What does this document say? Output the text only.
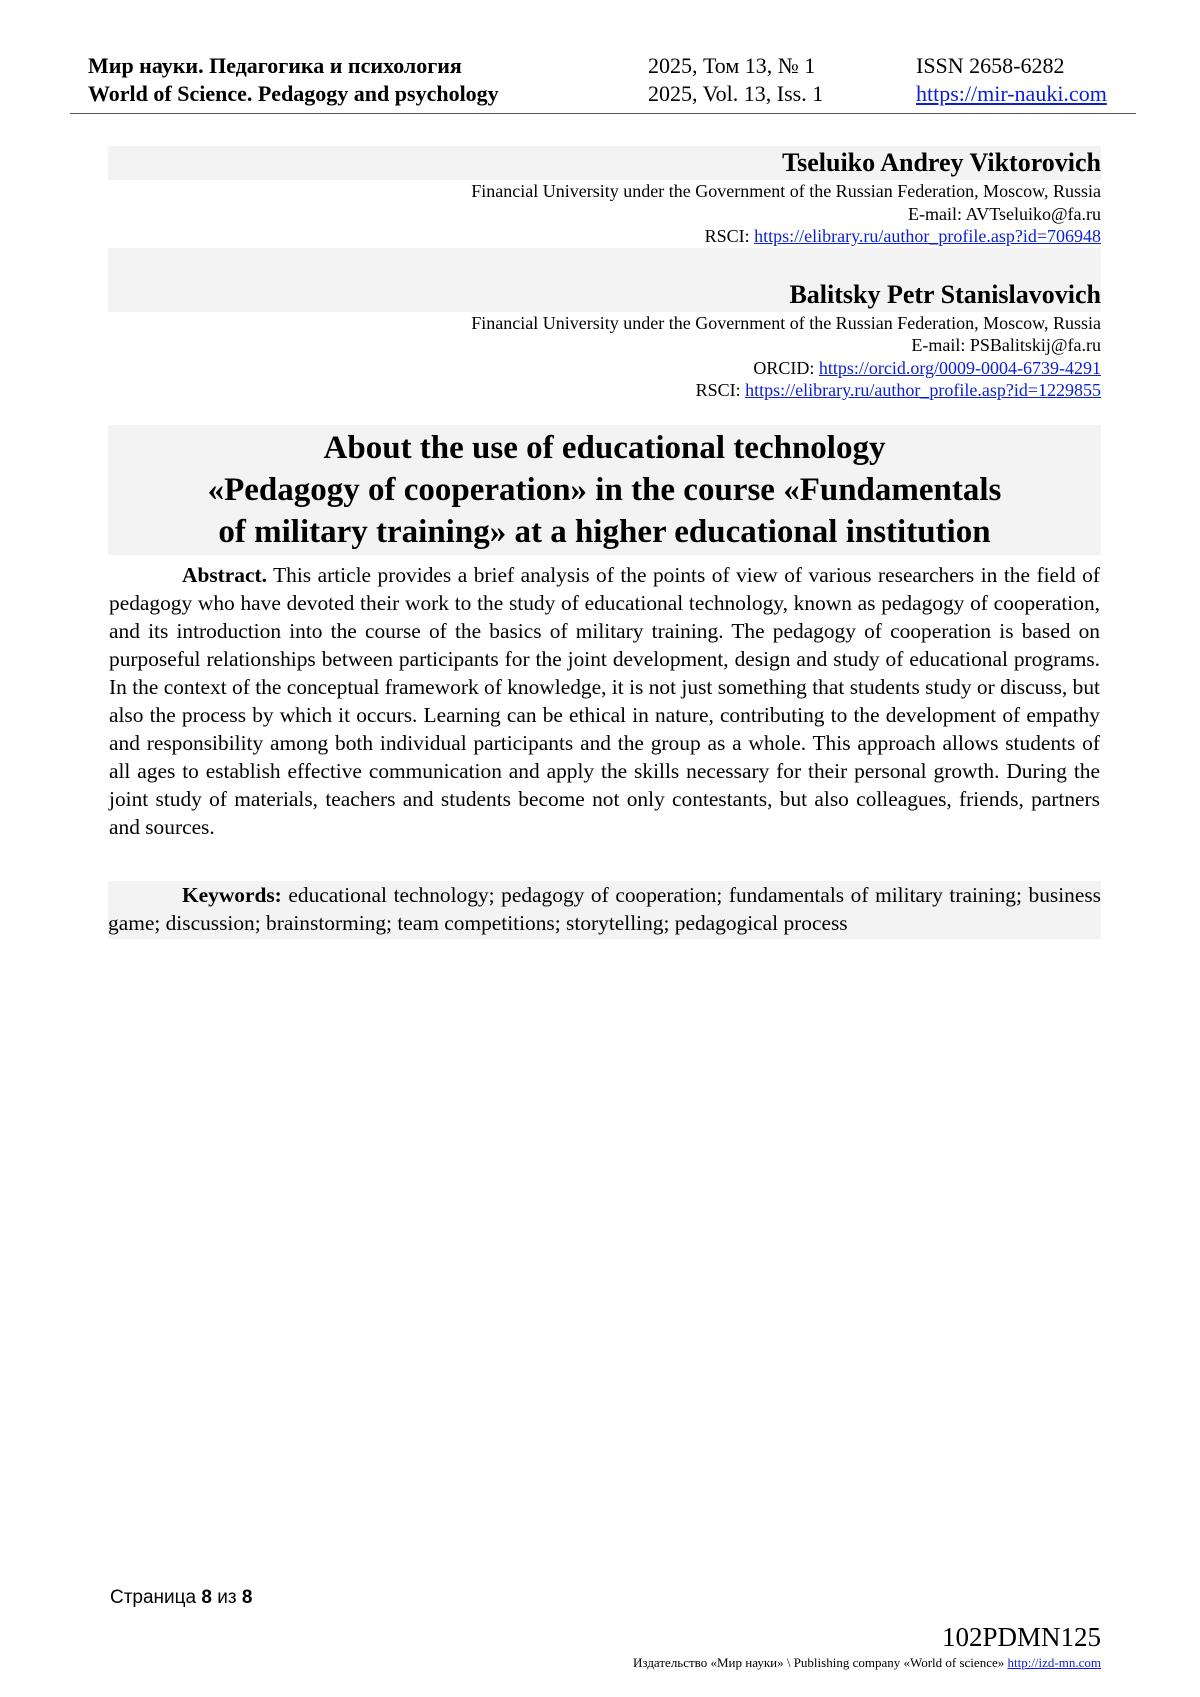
Мир науки. Педагогика и психология	2025, Том 13, № 1	ISSN 2658-6282
World of Science. Pedagogy and psychology	2025, Vol. 13, Iss. 1	https://mir-nauki.com
Tseluiko Andrey Viktorovich
Financial University under the Government of the Russian Federation, Moscow, Russia
E-mail: AVTseluiko@fa.ru
RSCI: https://elibrary.ru/author_profile.asp?id=706948
Balitsky Petr Stanislavovich
Financial University under the Government of the Russian Federation, Moscow, Russia
E-mail: PSBalitskij@fa.ru
ORCID: https://orcid.org/0009-0004-6739-4291
RSCI: https://elibrary.ru/author_profile.asp?id=1229855
About the use of educational technology
«Pedagogy of cooperation» in the course «Fundamentals
of military training» at a higher educational institution

Abstract. This article provides a brief analysis of the points of view of various researchers in the field of pedagogy who have devoted their work to the study of educational technology, known as pedagogy of cooperation, and its introduction into the course of the basics of military training. The pedagogy of cooperation is based on purposeful relationships between participants for the joint development, design and study of educational programs. In the context of the conceptual framework of knowledge, it is not just something that students study or discuss, but also the process by which it occurs. Learning can be ethical in nature, contributing to the development of empathy and responsibility among both individual participants and the group as a whole. This approach allows students of all ages to establish effective communication and apply the skills necessary for their personal growth. During the joint study of materials, teachers and students become not only contestants, but also colleagues, friends, partners and sources.

Keywords: educational technology; pedagogy of cooperation; fundamentals of military training; business game; discussion; brainstorming; team competitions; storytelling; pedagogical process

Страница 8 из 8
102PDMN125
Издательство «Мир науки» \ Publishing company «World of science» http://izd-mn.com
